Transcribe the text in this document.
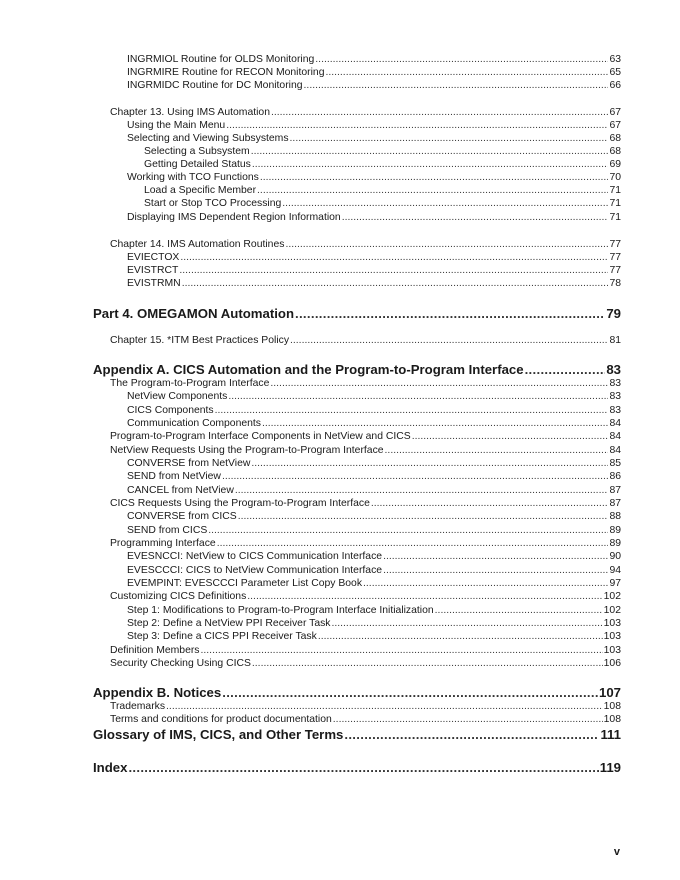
INGRMIOL Routine for OLDS Monitoring .....	63
INGRMIRE Routine for RECON Monitoring .....	65
INGRMIDC Routine for DC Monitoring .....	66
Chapter 13. Using IMS Automation .....	67
Using the Main Menu .....	67
Selecting and Viewing Subsystems .....	68
Selecting a Subsystem .....	68
Getting Detailed Status .....	69
Working with TCO Functions .....	70
Load a Specific Member .....	71
Start or Stop TCO Processing .....	71
Displaying IMS Dependent Region Information .....	71
Chapter 14. IMS Automation Routines .....	77
EVIECTOX .....	77
EVISTRCT .....	77
EVISTRMN .....	78
Part 4. OMEGAMON Automation .....	79
Chapter 15. *ITM Best Practices Policy .....	81
Appendix A. CICS Automation and the Program-to-Program Interface .....	83
The Program-to-Program Interface .....	83
NetView Components .....	83
CICS Components .....	83
Communication Components .....	84
Program-to-Program Interface Components in NetView and CICS .....	84
NetView Requests Using the Program-to-Program Interface .....	84
CONVERSE from NetView .....	85
SEND from NetView .....	86
CANCEL from NetView .....	87
CICS Requests Using the Program-to-Program Interface .....	87
CONVERSE from CICS .....	88
SEND from CICS .....	89
Programming Interface .....	89
EVESNCCI: NetView to CICS Communication Interface .....	90
EVESCCCI: CICS to NetView Communication Interface .....	94
EVEMPINT: EVESCCCI Parameter List Copy Book .....	97
Customizing CICS Definitions .....	102
Step 1: Modifications to Program-to-Program Interface Initialization .....	102
Step 2: Define a NetView PPI Receiver Task .....	103
Step 3: Define a CICS PPI Receiver Task .....	103
Definition Members .....	103
Security Checking Using CICS .....	106
Appendix B. Notices .....	107
Trademarks .....	108
Terms and conditions for product documentation .....	108
Glossary of IMS, CICS, and Other Terms .....	111
Index .....	119
v
